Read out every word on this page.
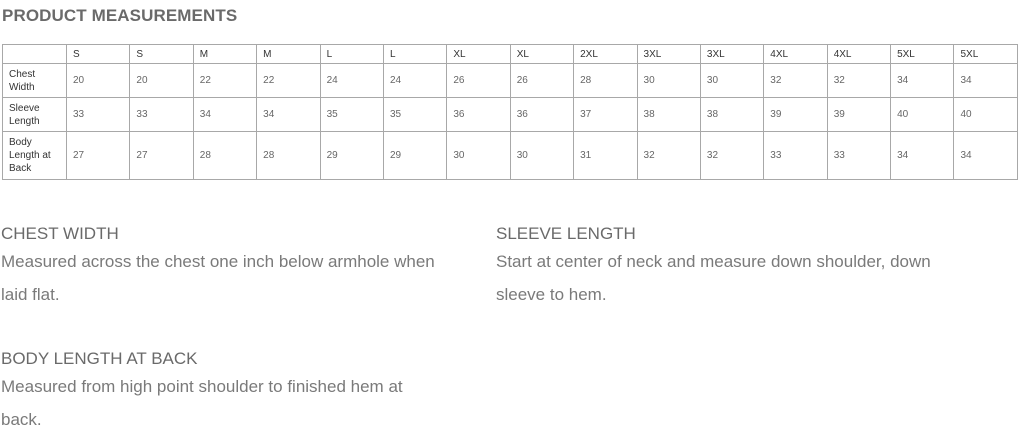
PRODUCT MEASUREMENTS
	S	S	M	M	L	L	XL	XL	2XL	3XL	3XL	4XL	4XL	5XL	5XL
Chest
Width	20	20	22	22	24	24	26	26	28	30	30	32	32	34	34
Sleeve
Length	33	33	34	34	35	35	36	36	37	38	38	39	39	40	40
Body
Length at
Back	27	27	28	28	29	29	30	30	31	32	32	33	33	34	34
CHEST WIDTH
Measured across the chest one inch below armhole when
laid flat.
SLEEVE LENGTH
Start at center of neck and measure down shoulder, down
sleeve to hem.
BODY LENGTH AT BACK
Measured from high point shoulder to finished hem at
back.
